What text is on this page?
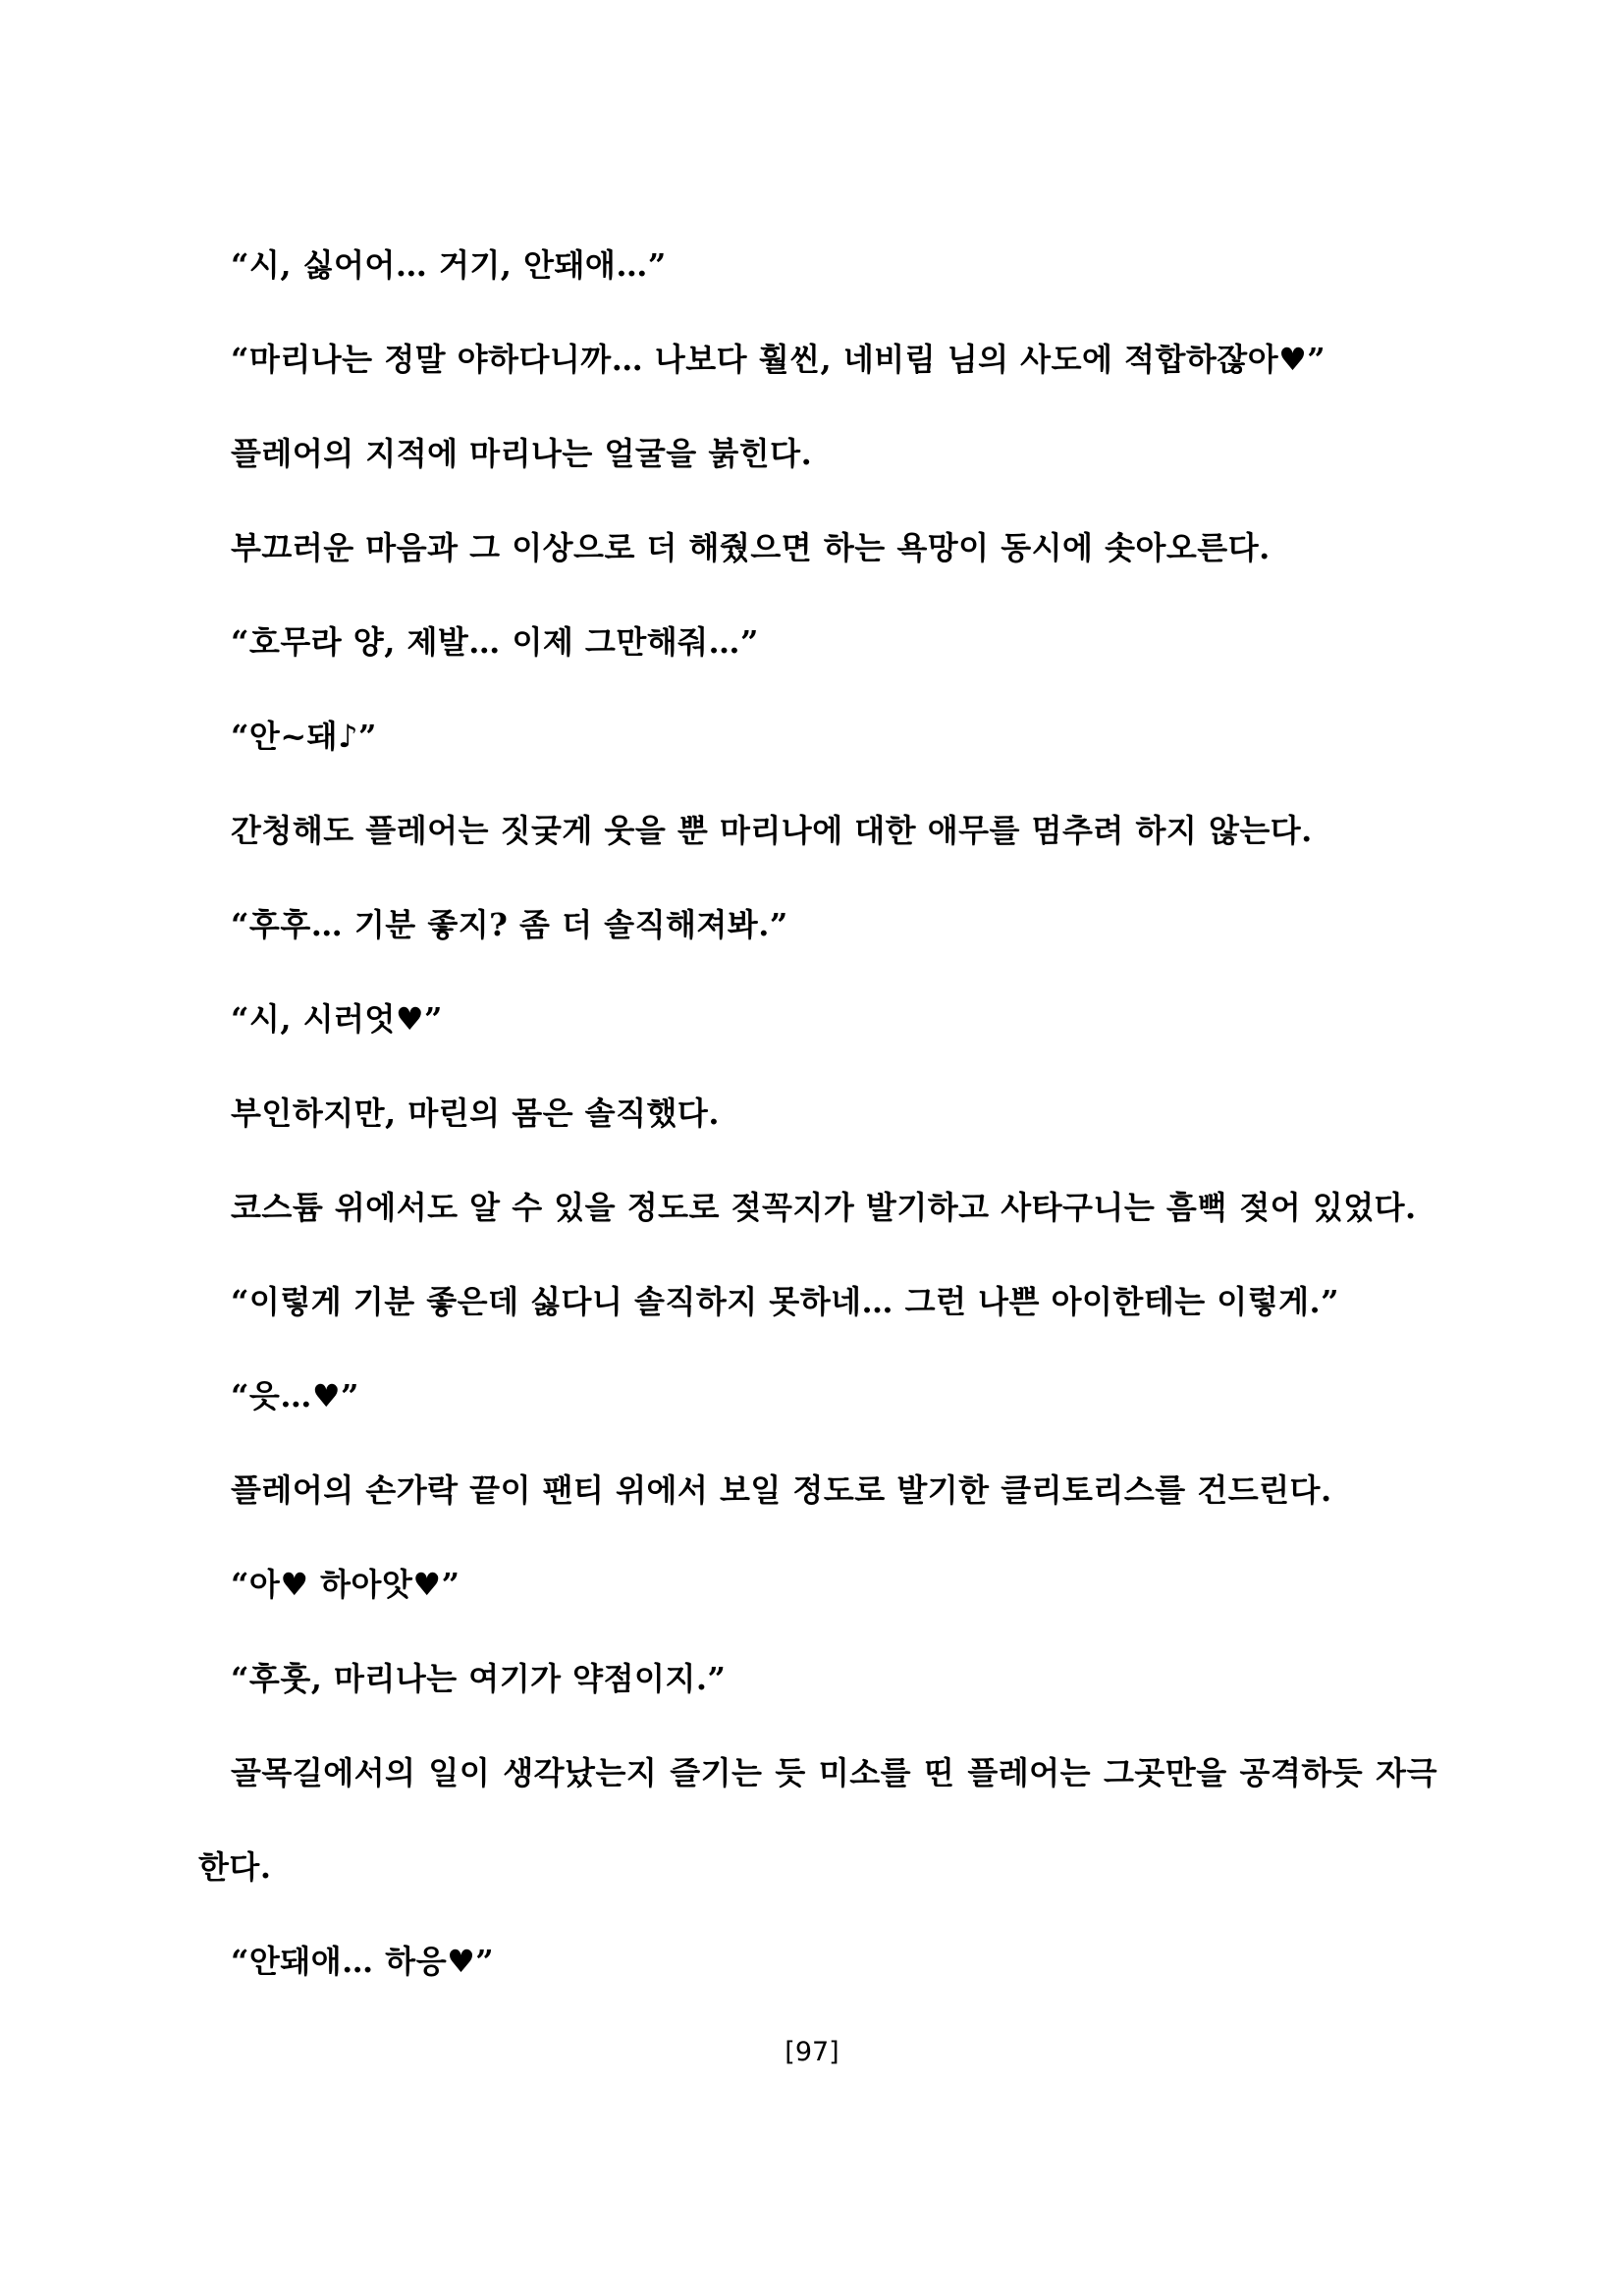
“시, 싫어어… 거기, 안돼애…”

“마리나는 정말 야하다니까… 나보다 훨씬, 네비림 님의 사도에 적합하잖아♥”

플레어의 지적에 마리나는 얼굴을 붉힌다.

부끄러운 마음과 그 이상으로 더 해줬으면 하는 욕망이 동시에 솟아오른다.

“호무라 양, 제발… 이제 그만해줘…”

“안~돼♪”

간청해도 플레어는 짓궂게 웃을 뿐 마리나에 대한 애무를 멈추려 하지 않는다.

“후후… 기분 좋지? 좀 더 솔직해져봐.”

“시, 시러엇♥”

부인하지만, 마린의 몸은 솔직했다.

코스튬 위에서도 알 수 있을 정도로 젖꼭지가 발기하고 사타구니는 흠뻑 젖어 있었다.

“이렇게 기분 좋은데 싫다니 솔직하지 못하네… 그런 나쁜 아이한테는 이렇게.”

“읏…♥”

플레어의 손가락 끝이 팬티 위에서 보일 정도로 발기한 클리토리스를 건드린다.

“아♥ 하아앗♥”

“후훗, 마리나는 여기가 약점이지.”

골목길에서의 일이 생각났는지 즐기는 듯 미소를 띤 플레어는 그곳만을 공격하듯 자극한다.

“안돼애… 하응♥”

[97]
